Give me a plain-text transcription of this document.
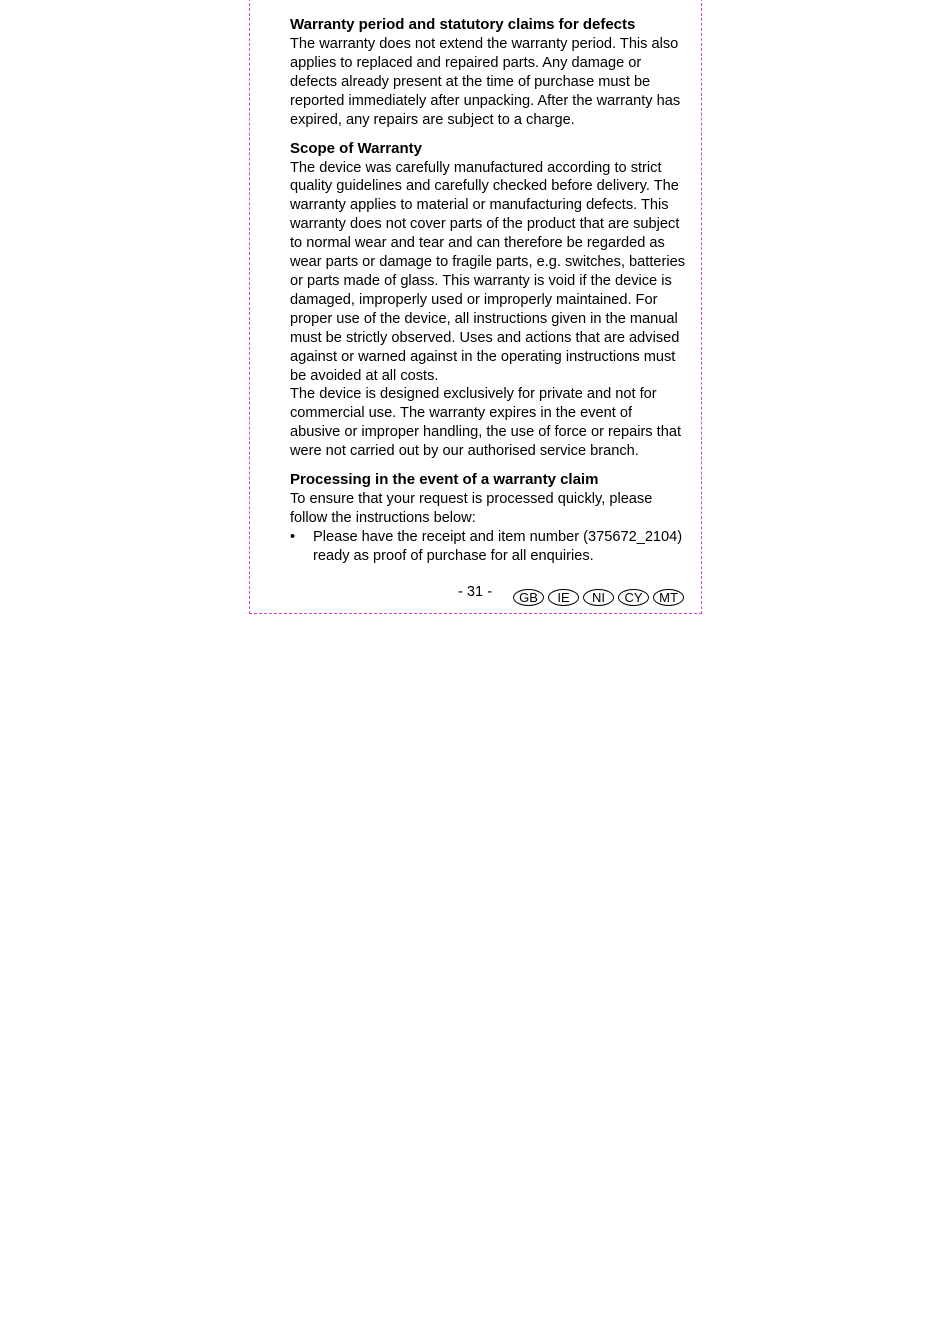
Warranty period and statutory claims for defects

The warranty does not extend the warranty period. This also applies to replaced and repaired parts. Any damage or defects already present at the time of purchase must be reported immediately after unpacking. After the warranty has expired, any repairs are subject to a charge.

Scope of Warranty

The device was carefully manufactured according to strict quality guidelines and carefully checked before delivery. The warranty applies to material or manufacturing defects. This warranty does not cover parts of the product that are subject to normal wear and tear and can therefore be regarded as wear parts or damage to fragile parts, e.g. switches, batteries or parts made of glass. This warranty is void if the device is damaged, improperly used or improperly maintained. For proper use of the device, all instructions given in the manual must be strictly observed. Uses and actions that are advised against or warned against in the operating instructions must be avoided at all costs.

The device is designed exclusively for private and not for commercial use. The warranty expires in the event of abusive or improper handling, the use of force or repairs that were not carried out by our authorised service branch.

Processing in the event of a warranty claim

To ensure that your request is processed quickly, please follow the instructions below:

• Please have the receipt and item number (375672_2104) ready as proof of purchase for all enquiries.
- 31 -	GB	IE	NI	CY	MT
